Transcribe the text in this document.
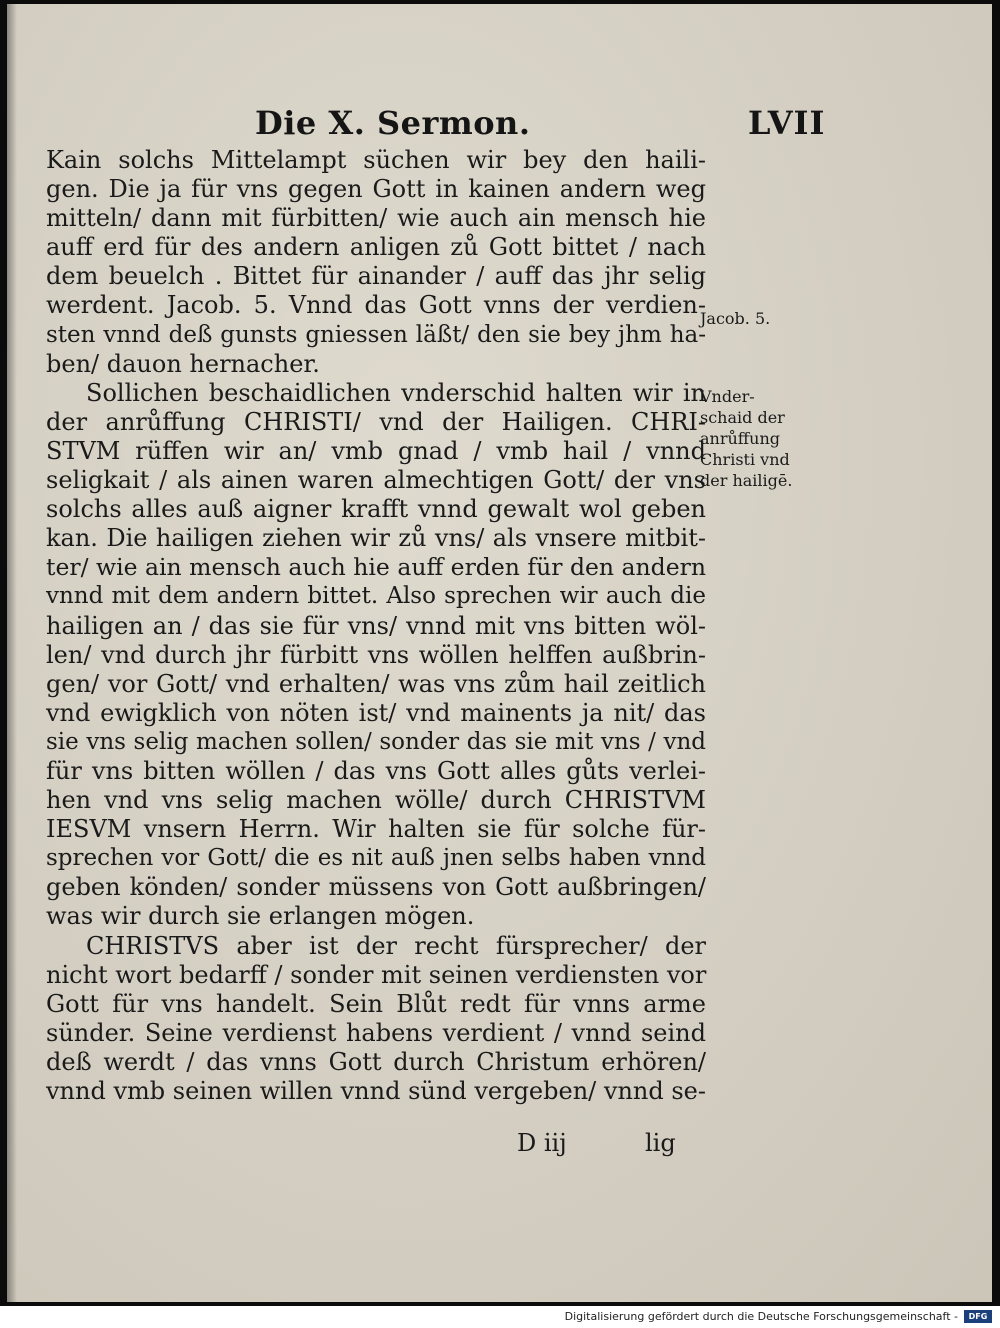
Die X. Sermon.	LVII
Kain solchs Mittelampt süchen wir bey den haili-
gen. Die ja für vns gegen Gott in kainen andern weg
mitteln/ dann mit fürbitten/ wie auch ain mensch hie
auff erd für des andern anligen zů Gott bittet / nach
dem beuelch . Bittet für ainander / auff das jhr selig
werdent. Jacob. 5. Vnnd das Gott vnns der verdien-
sten vnnd deß gunsts gniessen läßt/ den sie bey jhm ha-
ben/ dauon hernacher.
Sollichen beschaidlichen vnderschid halten wir in
der anrůffung CHRISTI/ vnd der Hailigen. CHRI-
STVM rüffen wir an/ vmb gnad / vmb hail / vnnd
seligkait / als ainen waren almechtigen Gott/ der vns
solchs alles auß aigner krafft vnnd gewalt wol geben
kan. Die hailigen ziehen wir zů vns/ als vnsere mitbit-
ter/ wie ain mensch auch hie auff erden für den andern
vnnd mit dem andern bittet. Also sprechen wir auch die
hailigen an / das sie für vns/ vnnd mit vns bitten wöl-
len/ vnd durch jhr fürbitt vns wöllen helffen außbrin-
gen/ vor Gott/ vnd erhalten/ was vns zům hail zeitlich
vnd ewigklich von nöten ist/ vnd mainents ja nit/ das
sie vns selig machen sollen/ sonder das sie mit vns / vnd
für vns bitten wöllen / das vns Gott alles gůts verlei-
hen vnd vns selig machen wölle/ durch CHRISTVM
IESVM vnsern Herrn. Wir halten sie für solche für-
sprechen vor Gott/ die es nit auß jnen selbs haben vnnd
geben könden/ sonder müssens von Gott außbringen/
was wir durch sie erlangen mögen.
CHRISTVS aber ist der recht fürsprecher/ der
nicht wort bedarff / sonder mit seinen verdiensten vor
Gott für vns handelt. Sein Blůt redt für vnns arme
sünder. Seine verdienst habens verdient / vnnd seind
deß werdt / das vnns Gott durch Christum erhören/
vnnd vmb seinen willen vnnd sünd vergeben/ vnnd se-
D iij	lig
Jacob. 5.
Vnder-
schaid der
anrůffung
Christi vnd
der hailigē.
Digitalisierung gefördert durch die Deutsche Forschungsgemeinschaft -	DFG
